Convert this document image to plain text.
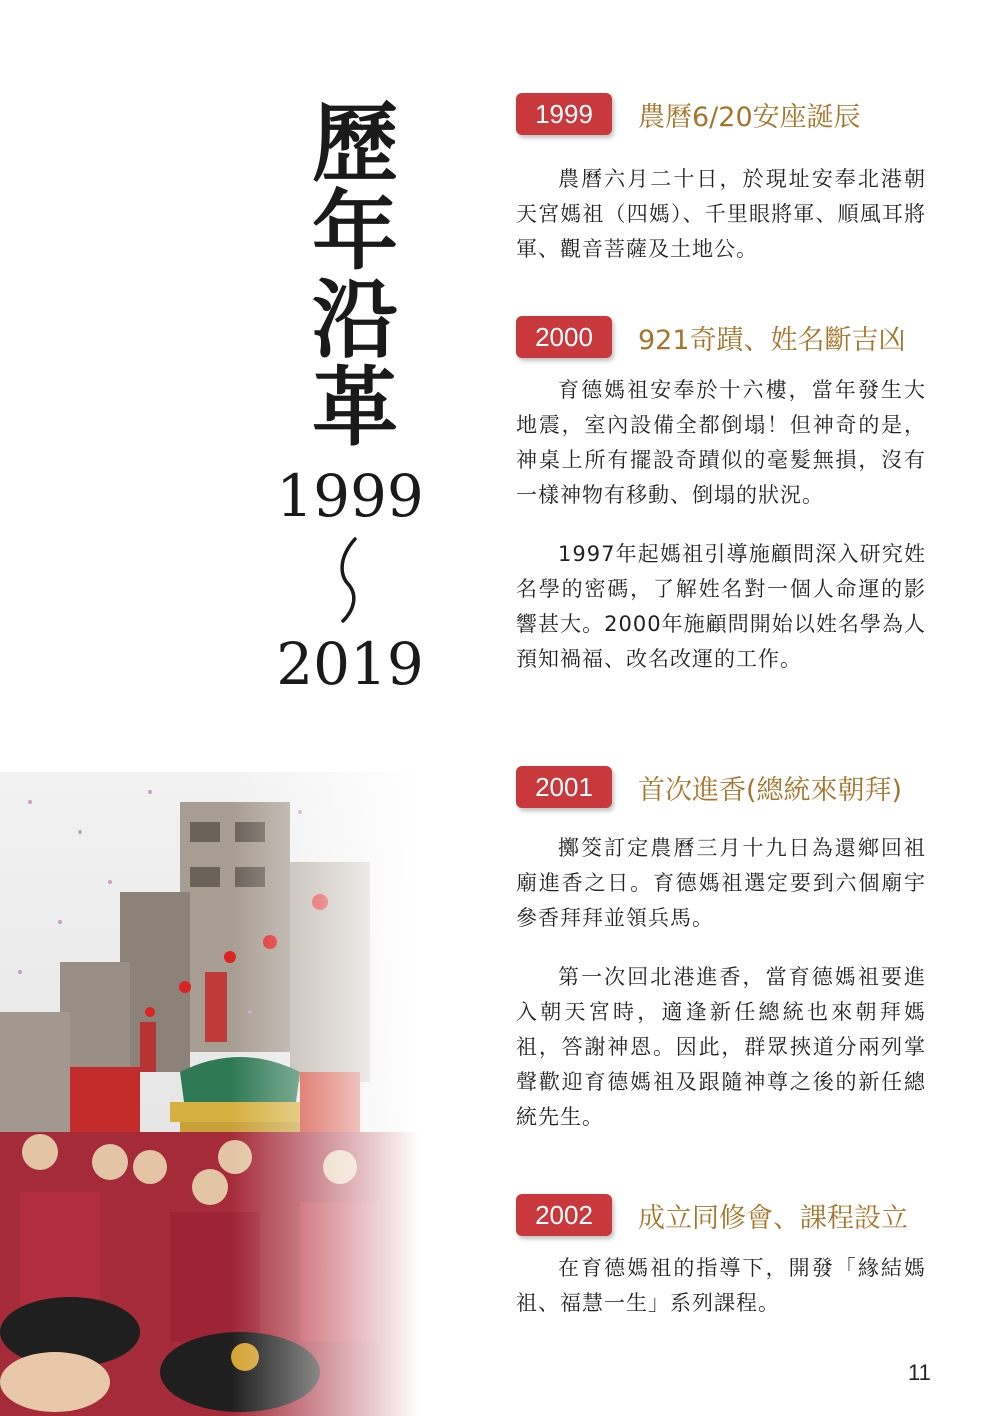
歷
年
沿
革
1999
2019
1999	農曆6/20安座誕辰

農曆六月二十日，於現址安奉北港朝天宮媽祖（四媽）、千里眼將軍、順風耳將軍、觀音菩薩及土地公。

2000	921奇蹟、姓名斷吉凶

育德媽祖安奉於十六樓，當年發生大地震，室內設備全都倒塌！但神奇的是，神桌上所有擺設奇蹟似的毫髮無損，沒有一樣神物有移動、倒塌的狀況。

1997年起媽祖引導施顧問深入研究姓名學的密碼，了解姓名對一個人命運的影響甚大。2000年施顧問開始以姓名學為人預知禍福、改名改運的工作。

2001	首次進香(總統來朝拜)

擲筊訂定農曆三月十九日為還鄉回祖廟進香之日。育德媽祖選定要到六個廟宇參香拜拜並領兵馬。

第一次回北港進香，當育德媽祖要進入朝天宮時，適逢新任總統也來朝拜媽祖，答謝神恩。因此，群眾挾道分兩列掌聲歡迎育德媽祖及跟隨神尊之後的新任總統先生。

2002	成立同修會、課程設立

在育德媽祖的指導下，開發「緣結媽祖、福慧一生」系列課程。

11
